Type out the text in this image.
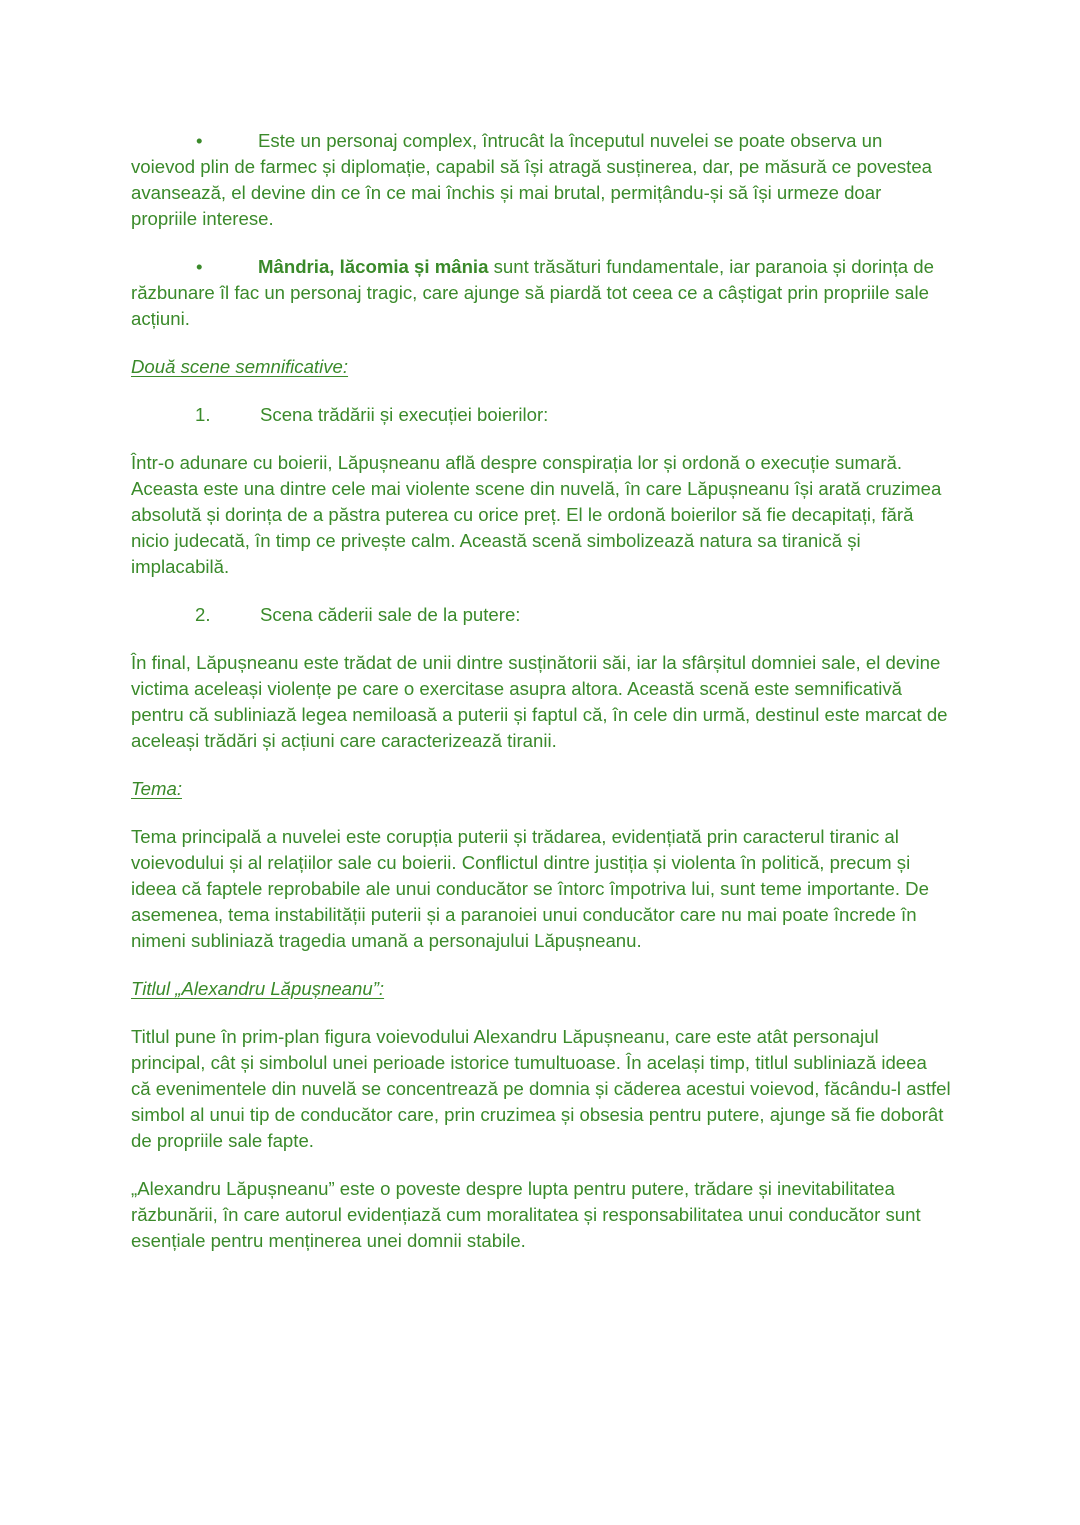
•	Este un personaj complex, întrucât la începutul nuvelei se poate observa un voievod plin de farmec și diplomație, capabil să își atragă susținerea, dar, pe măsură ce povestea avansează, el devine din ce în ce mai închis și mai brutal, permițându-și să își urmeze doar propriile interese.

•	Mândria, lăcomia și mânia sunt trăsături fundamentale, iar paranoia și dorința de răzbunare îl fac un personaj tragic, care ajunge să piardă tot ceea ce a câștigat prin propriile sale acțiuni.

Două scene semnificative:

1.	Scena trădării și execuției boierilor:

Într-o adunare cu boierii, Lăpușneanu află despre conspirația lor și ordonă o execuție sumară. Aceasta este una dintre cele mai violente scene din nuvelă, în care Lăpușneanu își arată cruzimea absolută și dorința de a păstra puterea cu orice preț. El le ordonă boierilor să fie decapitați, fără nicio judecată, în timp ce privește calm. Această scenă simbolizează natura sa tiranică și implacabilă.

2.	Scena căderii sale de la putere:

În final, Lăpușneanu este trădat de unii dintre susținătorii săi, iar la sfârșitul domniei sale, el devine victima aceleași violențe pe care o exercitase asupra altora. Această scenă este semnificativă pentru că subliniază legea nemiloasă a puterii și faptul că, în cele din urmă, destinul este marcat de aceleași trădări și acțiuni care caracterizează tiranii.

Tema:

Tema principală a nuvelei este corupția puterii și trădarea, evidențiată prin caracterul tiranic al voievodului și al relațiilor sale cu boierii. Conflictul dintre justiția și violenta în politică, precum și ideea că faptele reprobabile ale unui conducător se întorc împotriva lui, sunt teme importante. De asemenea, tema instabilității puterii și a paranoiei unui conducător care nu mai poate încrede în nimeni subliniază tragedia umană a personajului Lăpușneanu.

Titlul „Alexandru Lăpușneanu”:

Titlul pune în prim-plan figura voievodului Alexandru Lăpușneanu, care este atât personajul principal, cât și simbolul unei perioade istorice tumultuoase. În același timp, titlul subliniază ideea că evenimentele din nuvelă se concentrează pe domnia și căderea acestui voievod, făcându-l astfel simbol al unui tip de conducător care, prin cruzimea și obsesia pentru putere, ajunge să fie doborât de propriile sale fapte.

„Alexandru Lăpușneanu” este o poveste despre lupta pentru putere, trădare și inevitabilitatea răzbunării, în care autorul evidențiază cum moralitatea și responsabilitatea unui conducător sunt esențiale pentru menținerea unei domnii stabile.
